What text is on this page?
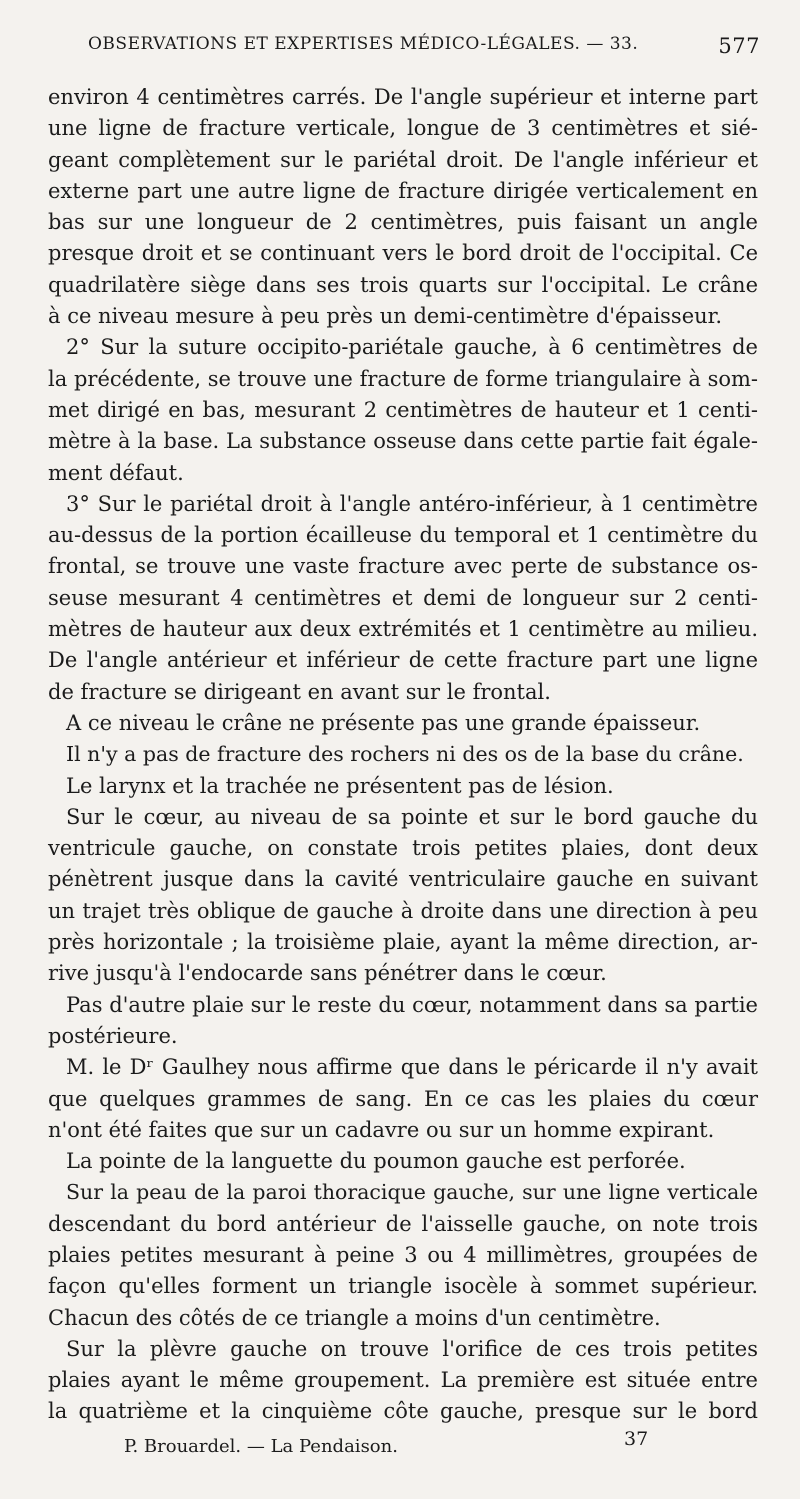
OBSERVATIONS ET EXPERTISES MÉDICO-LÉGALES. — 33.	577
environ 4 centimètres carrés. De l'angle supérieur et interne part
une ligne de fracture verticale, longue de 3 centimètres et sié-
geant complètement sur le pariétal droit. De l'angle inférieur et
externe part une autre ligne de fracture dirigée verticalement en
bas sur une longueur de 2 centimètres, puis faisant un angle
presque droit et se continuant vers le bord droit de l'occipital. Ce
quadrilatère siège dans ses trois quarts sur l'occipital. Le crâne
à ce niveau mesure à peu près un demi-centimètre d'épaisseur.
2° Sur la suture occipito-pariétale gauche, à 6 centimètres de
la précédente, se trouve une fracture de forme triangulaire à som-
met dirigé en bas, mesurant 2 centimètres de hauteur et 1 centi-
mètre à la base. La substance osseuse dans cette partie fait égale-
ment défaut.
3° Sur le pariétal droit à l'angle antéro-inférieur, à 1 centimètre
au-dessus de la portion écailleuse du temporal et 1 centimètre du
frontal, se trouve une vaste fracture avec perte de substance os-
seuse mesurant 4 centimètres et demi de longueur sur 2 centi-
mètres de hauteur aux deux extrémités et 1 centimètre au milieu.
De l'angle antérieur et inférieur de cette fracture part une ligne
de fracture se dirigeant en avant sur le frontal.
A ce niveau le crâne ne présente pas une grande épaisseur.
Il n'y a pas de fracture des rochers ni des os de la base du crâne.
Le larynx et la trachée ne présentent pas de lésion.
Sur le cœur, au niveau de sa pointe et sur le bord gauche du
ventricule gauche, on constate trois petites plaies, dont deux
pénètrent jusque dans la cavité ventriculaire gauche en suivant
un trajet très oblique de gauche à droite dans une direction à peu
près horizontale ; la troisième plaie, ayant la même direction, ar-
rive jusqu'à l'endocarde sans pénétrer dans le cœur.
Pas d'autre plaie sur le reste du cœur, notamment dans sa partie
postérieure.
M. le Dʳ Gaulhey nous affirme que dans le péricarde il n'y avait
que quelques grammes de sang. En ce cas les plaies du cœur
n'ont été faites que sur un cadavre ou sur un homme expirant.
La pointe de la languette du poumon gauche est perforée.
Sur la peau de la paroi thoracique gauche, sur une ligne verticale
descendant du bord antérieur de l'aisselle gauche, on note trois
plaies petites mesurant à peine 3 ou 4 millimètres, groupées de
façon qu'elles forment un triangle isocèle à sommet supérieur.
Chacun des côtés de ce triangle a moins d'un centimètre.
Sur la plèvre gauche on trouve l'orifice de ces trois petites
plaies ayant le même groupement. La première est située entre
la quatrième et la cinquième côte gauche, presque sur le bord
P. Brouardel. — La Pendaison.	37
